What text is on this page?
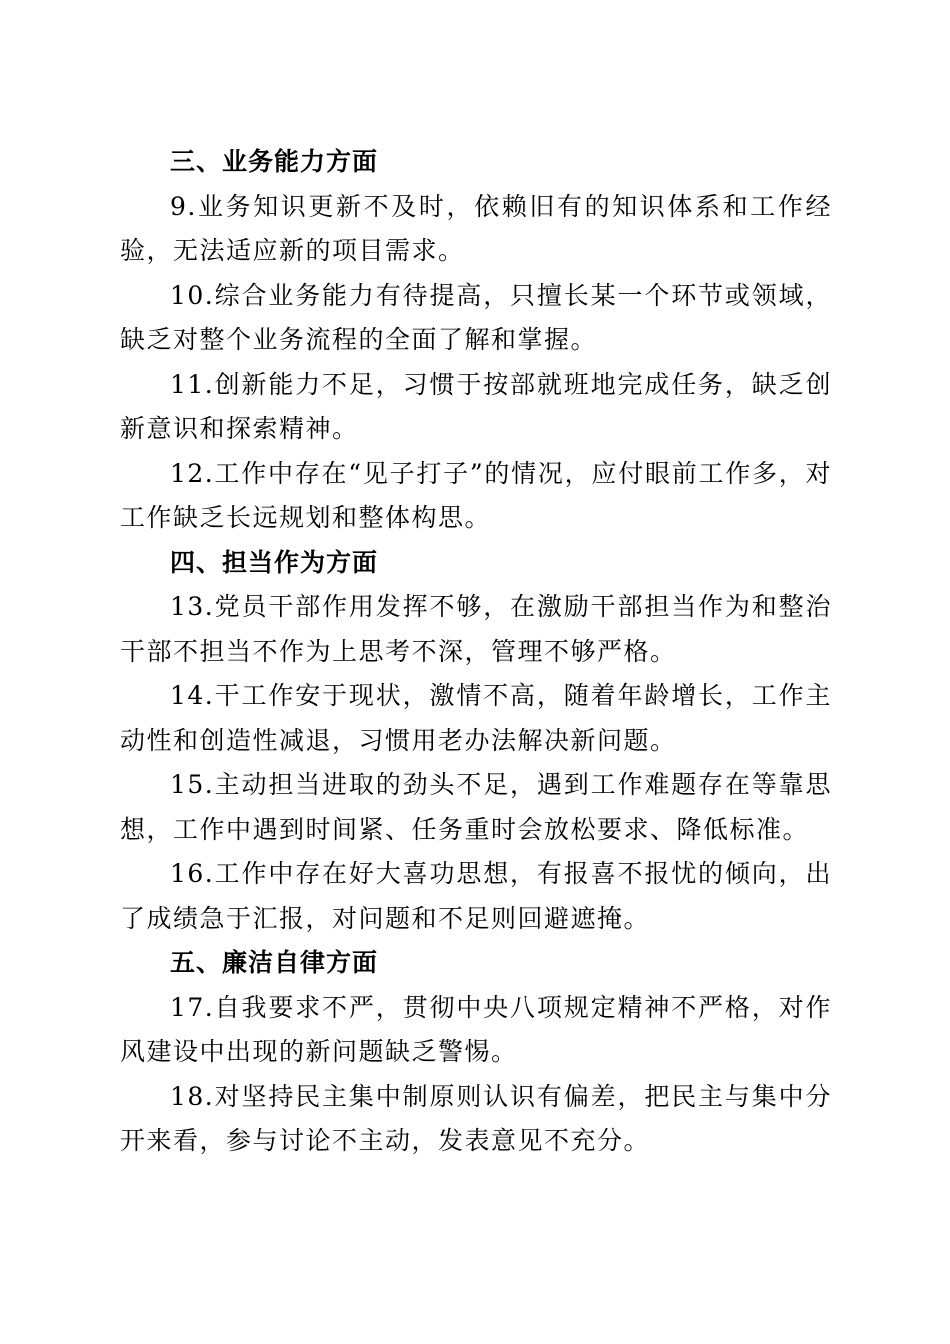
三、业务能力方面

9.业务知识更新不及时，依赖旧有的知识体系和工作经验，无法适应新的项目需求。

10.综合业务能力有待提高，只擅长某一个环节或领域，缺乏对整个业务流程的全面了解和掌握。

11.创新能力不足，习惯于按部就班地完成任务，缺乏创新意识和探索精神。

12.工作中存在“见子打子”的情况，应付眼前工作多，对工作缺乏长远规划和整体构思。

四、担当作为方面

13.党员干部作用发挥不够，在激励干部担当作为和整治干部不担当不作为上思考不深，管理不够严格。

14.干工作安于现状，激情不高，随着年龄增长，工作主动性和创造性减退，习惯用老办法解决新问题。

15.主动担当进取的劲头不足，遇到工作难题存在等靠思想，工作中遇到时间紧、任务重时会放松要求、降低标准。

16.工作中存在好大喜功思想，有报喜不报忧的倾向，出了成绩急于汇报，对问题和不足则回避遮掩。

五、廉洁自律方面

17.自我要求不严，贯彻中央八项规定精神不严格，对作风建设中出现的新问题缺乏警惕。

18.对坚持民主集中制原则认识有偏差，把民主与集中分开来看，参与讨论不主动，发表意见不充分。
